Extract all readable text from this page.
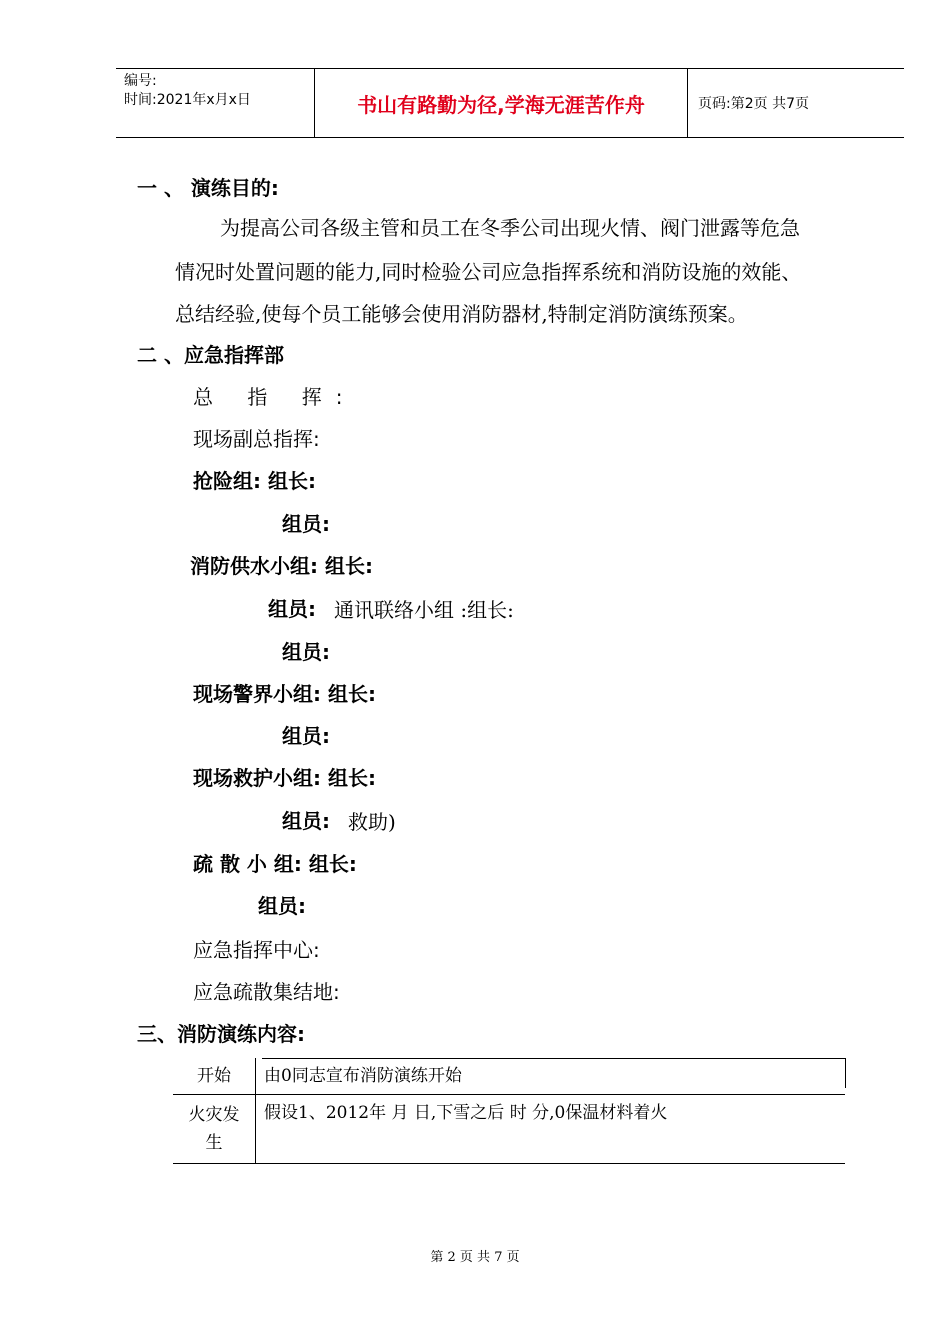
编号:
时间:2021年x月x日	书山有路勤为径,学海无涯苦作舟	页码:第2页 共7页
一 、 演练目的:
为提高公司各级主管和员工在冬季公司出现火情、阀门泄露等危急
情况时处置问题的能力,同时检验公司应急指挥系统和消防设施的效能、
总结经验,使每个员工能够会使用消防器材,特制定消防演练预案。
二 、应急指挥部
总 指 挥:
现场副总指挥:
抢险组: 组长:
组员:
消防供水小组: 组长:
组员: 通讯联络小组 :组长:
组员:
现场警界小组: 组长:
组员:
现场救护小组: 组长:
组员: 救助)
疏 散 小 组: 组长:
组员:
应急指挥中心:
应急疏散集结地:
三、消防演练内容:
开始	由0同志宣布消防演练开始
火灾发生	假设1、2012年 月 日,下雪之后 时 分,0保温材料着火
第 2 页 共 7 页
